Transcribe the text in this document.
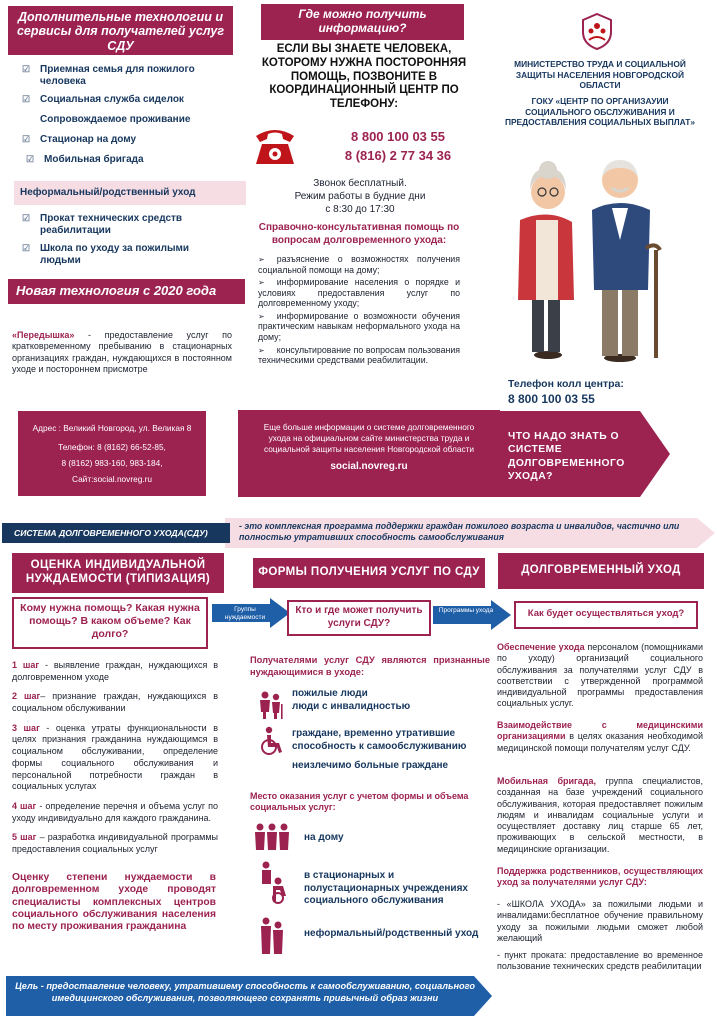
Дополнительные технологии и сервисы для получателей услуг СДУ
☑ Приемная семья для пожилого человека
☑ Социальная служба сиделок
Сопровождаемое проживание
☑ Стационар на дому
☑ Мобильная бригада
Неформальный/родственный уход
☑ Прокат технических средств реабилитации
☑ Школа по уходу за пожилыми людьми
Новая технология с 2020 года
«Передышка» - предоставление услуг по кратковременному пребыванию в стационарных организациях граждан, нуждающихся в постоянном уходе и постороннем присмотре
Где можно получить информацию?
ЕСЛИ ВЫ ЗНАЕТЕ ЧЕЛОВЕКА, КОТОРОМУ НУЖНА ПОСТОРОННЯЯ ПОМОЩЬ, ПОЗВОНИТЕ В КООРДИНАЦИОННЫЙ ЦЕНТР ПО ТЕЛЕФОНУ:
8 800 100 03 55
8 (816) 2 77 34 36
Звонок бесплатный.
Режим работы в будние дни
с 8:30 до 17:30
Справочно-консультативная помощь по вопросам долговременного ухода:
➢ разъяснение о возможностях получения социальной помощи на дому;
➢ информирование населения о порядке и условиях предоставления услуг по долговременному уходу;
➢ информирование о возможности обучения практическим навыкам неформального ухода на дому;
➢ консультирование по вопросам пользования техническими средствами реабилитации.
МИНИСТЕРСТВО ТРУДА И СОЦИАЛЬНОЙ ЗАЩИТЫ НАСЕЛЕНИЯ НОВГОРОДСКОЙ ОБЛАСТИ
ГОКУ «ЦЕНТР ПО ОРГАНИЗАУИИ СОЦИАЛЬНОГО ОБСЛУЖИВАНИЯ И ПРЕДОСТАВЛЕНИЯ СОЦИАЛЬНЫХ ВЫПЛАТ»
Телефон колл центра:
8 800 100 03 55
Адрес : Великий Новгород, ул. Великая 8
Телефон: 8 (8162) 66-52-85,
8 (8162) 983-160, 983-184,
Сайт:social.novreg.ru
Еще больше информации о системе долговременного ухода на официальном сайте министерства труда и социальной защиты населения Новгородской области
social.novreg.ru
ЧТО НАДО ЗНАТЬ О СИСТЕМЕ ДОЛГОВРЕМЕННОГО УХОДА?
СИСТЕМА ДОЛГОВРЕМЕННОГО УХОДА(СДУ)
- это комплексная программа поддержки граждан пожилого возраста и инвалидов, частично или полностью утративших способность самообслуживания
ОЦЕНКА ИНДИВИДУАЛЬНОЙ НУЖДАЕМОСТИ (ТИПИЗАЦИЯ)
ФОРМЫ ПОЛУЧЕНИЯ УСЛУГ ПО СДУ	ДОЛГОВРЕМЕННЫЙ УХОД
Кому нужна помощь? Какая нужна помощь? В каком объеме? Как долго?
Группы нуждаемости

1 шаг - выявление граждан, нуждающихся в долговременном уходе

2 шаг– признание граждан, нуждающихся в социальном обслуживании

3 шаг - оценка утраты функциональности в целях признания гражданина нуждающимся в социальном обслуживании, определение формы социального обслуживания и персональной потребности граждан в социальных услугах

4 шаг - определение перечня и объема услуг по уходу индивидуально для каждого гражданина.

5 шаг – разработка индивидуальной программы предоставления социальных услуг

Оценку степени нуждаемости в долговременном уходе проводят специалисты комплексных центров социального обслуживания населения по месту проживания гражданина
Кто и где может получить услуги СДУ?
Программы ухода
Получателями услуг СДУ являются признанные нуждающимися в уходе:
пожилые люди
люди с инвалидностью
граждане, временно утратившие способность к самообслуживанию
неизлечимо больные граждане
Место оказания услуг с учетом формы и объема социальных услуг:
на дому
в стационарных и полустационарных учреждениях социального обслуживания
неформальный/родственный уход
Как будет осуществляться уход?
Обеспечение ухода персоналом (помощниками по уходу) организаций социального обслуживания за получателями услуг СДУ в соответствии с утвержденной программой индивидуальной программы предоставления социальных услуг.
Взаимодействие с медицинскими организациями в целях оказания необходимой медицинской помощи получателям услуг СДУ.
Мобильная бригада, группа специалистов, созданная на базе учреждений социального обслуживания, которая предоставляет пожилым людям и инвалидам социальные услуги и осуществляет доставку лиц старше 65 лет, проживающих в сельской местности, в медицинские организации.
Поддержка родственников, осуществляющих уход за получателями услуг СДУ:
- «ШКОЛА УХОДА» за пожилыми людьми и инвалидами:бесплатное обучение правильному уходу за пожилыми людьми сможет любой желающий
- пункт проката: предоставление во временное пользование технических средств реабилитации
Цель - предоставление человеку, утратившему способность к самообслуживанию, социального имедицинского обслуживания, позволяющего сохранять привычный образ жизни
